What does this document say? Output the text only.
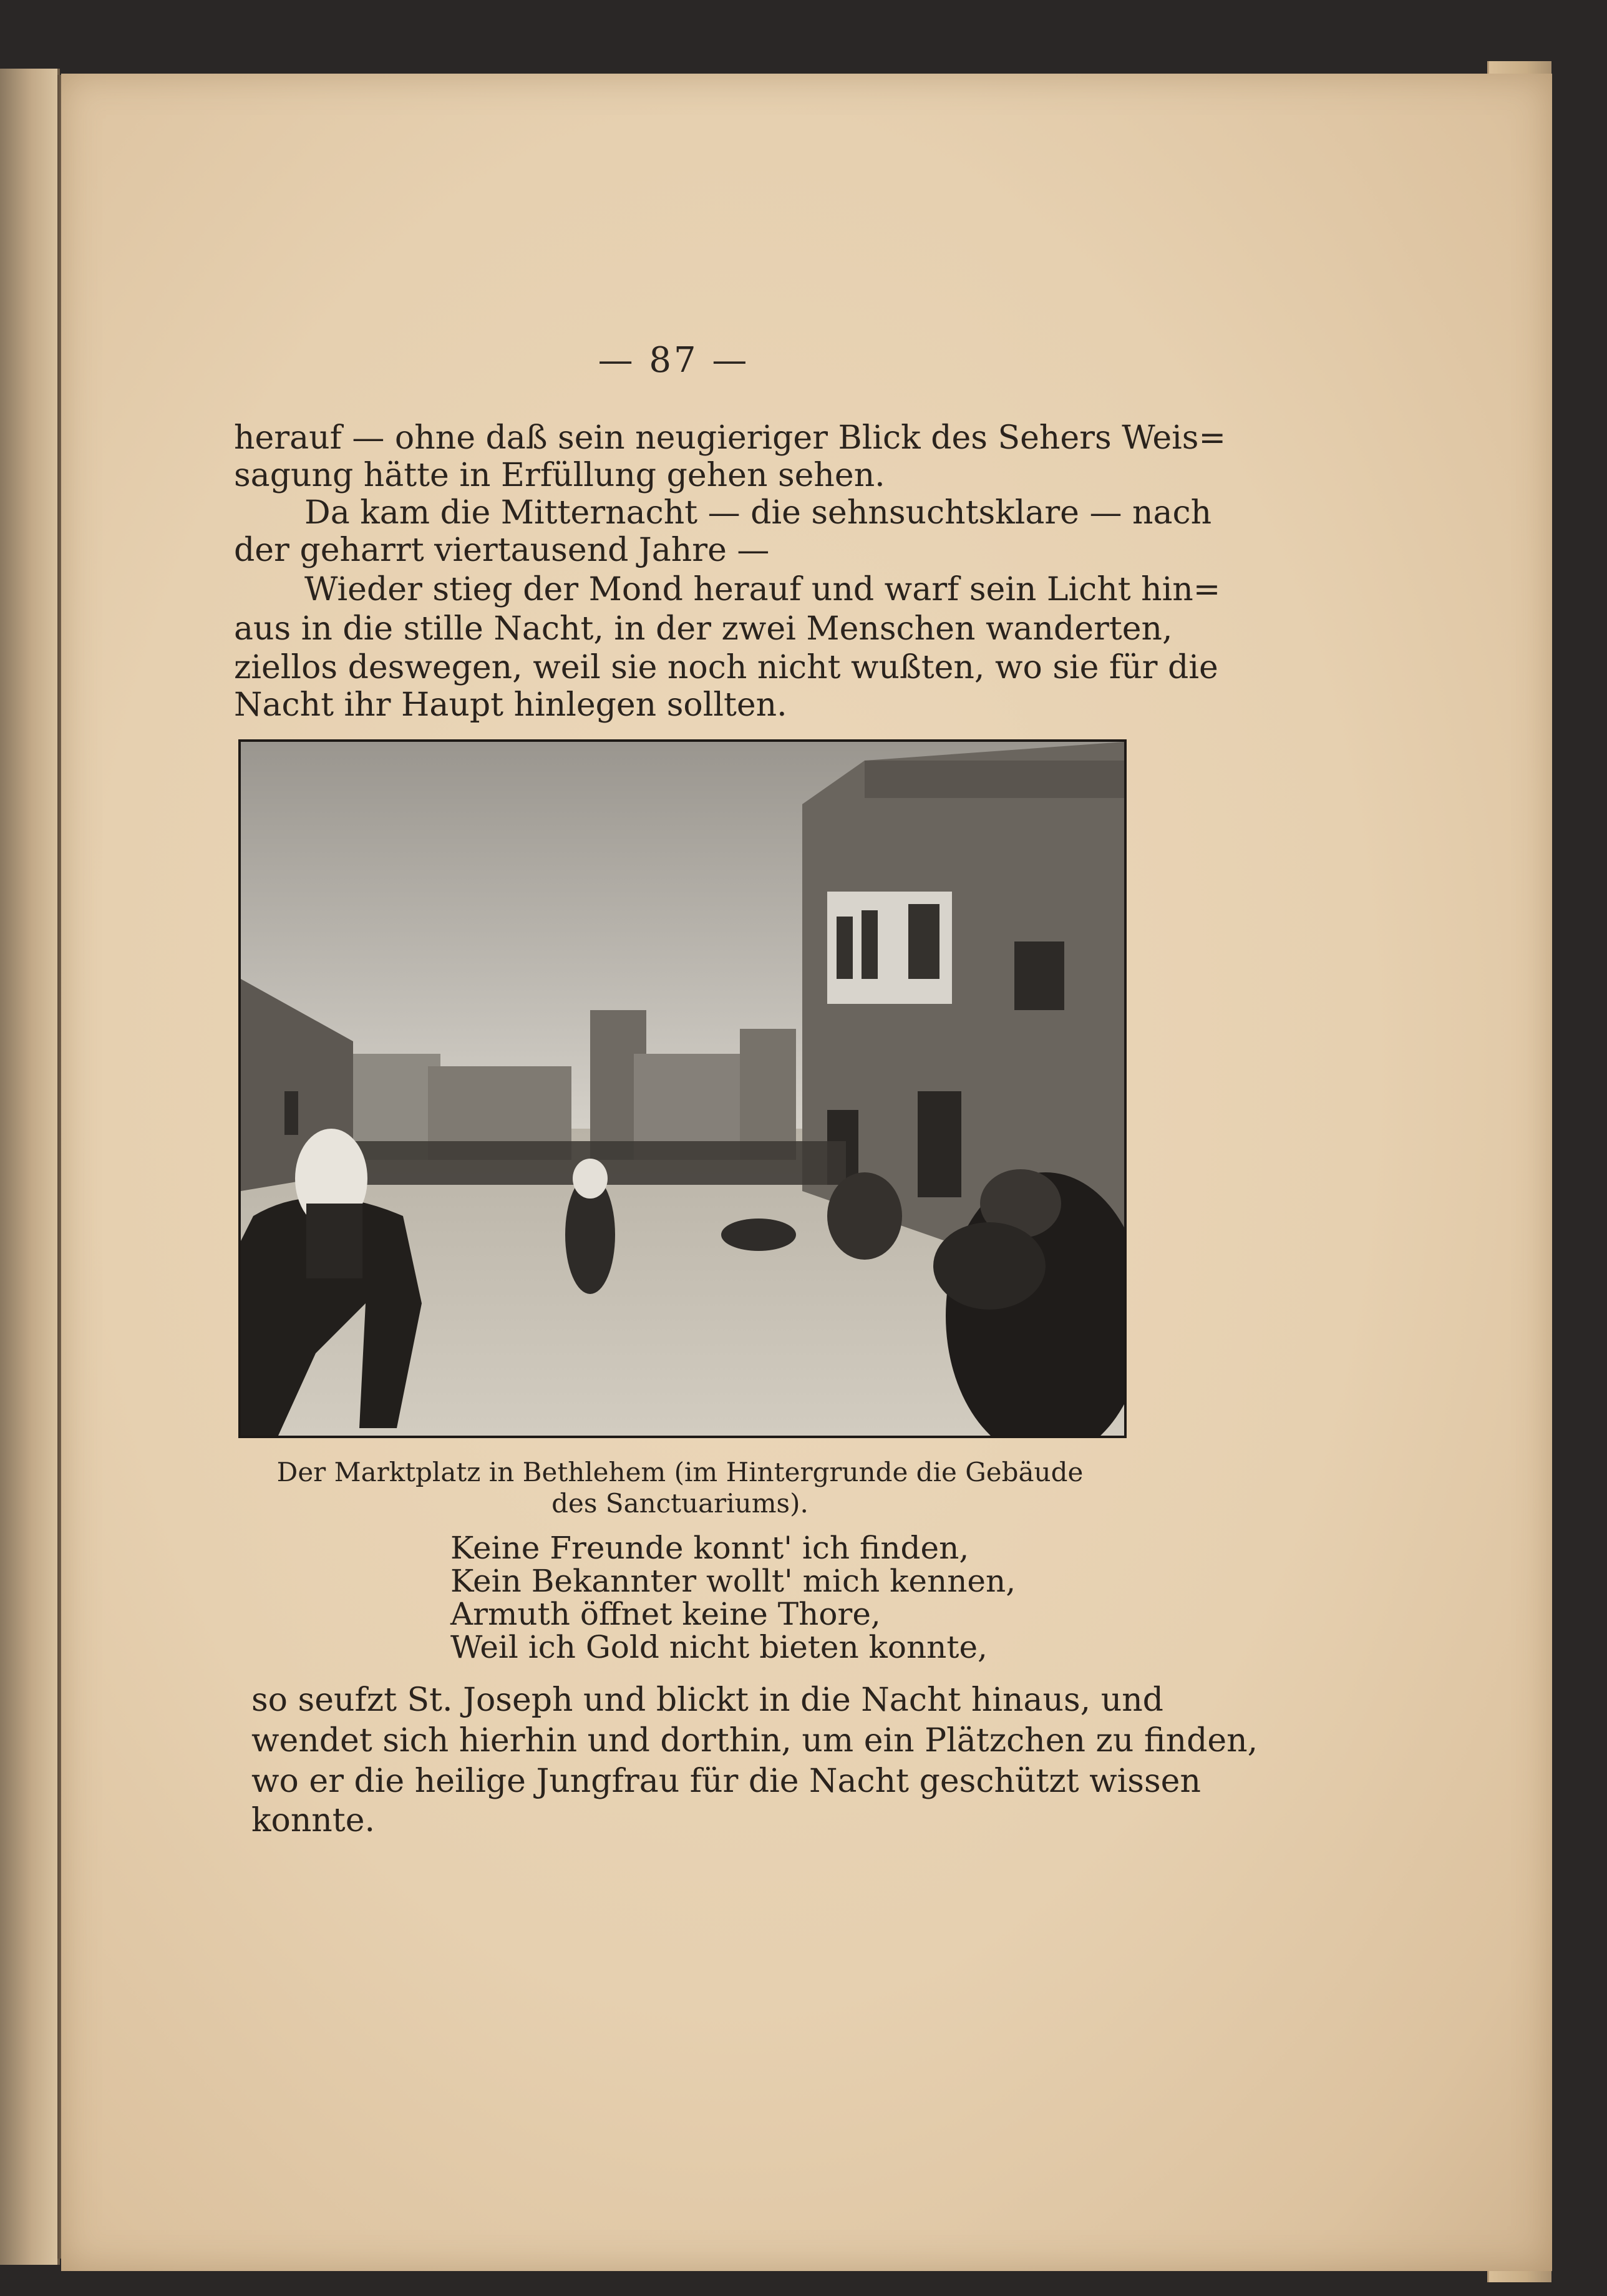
— 87 —
herauf — ohne daß sein neugieriger Blick des Sehers Weis=
sagung hätte in Erfüllung gehen sehen.
Da kam die Mitternacht — die sehnsuchtsklare — nach
der geharrt viertausend Jahre —
Wieder stieg der Mond herauf und warf sein Licht hin=
aus in die stille Nacht, in der zwei Menschen wanderten,
ziellos deswegen, weil sie noch nicht wußten, wo sie für die
Nacht ihr Haupt hinlegen sollten.
Der Marktplatz in Bethlehem (im Hintergrunde die Gebäude
des Sanctuariums).
Keine Freunde konnt' ich finden,
Kein Bekannter wollt' mich kennen,
Armuth öffnet keine Thore,
Weil ich Gold nicht bieten konnte,
so seufzt St. Joseph und blickt in die Nacht hinaus, und
wendet sich hierhin und dorthin, um ein Plätzchen zu finden,
wo er die heilige Jungfrau für die Nacht geschützt wissen
konnte.
